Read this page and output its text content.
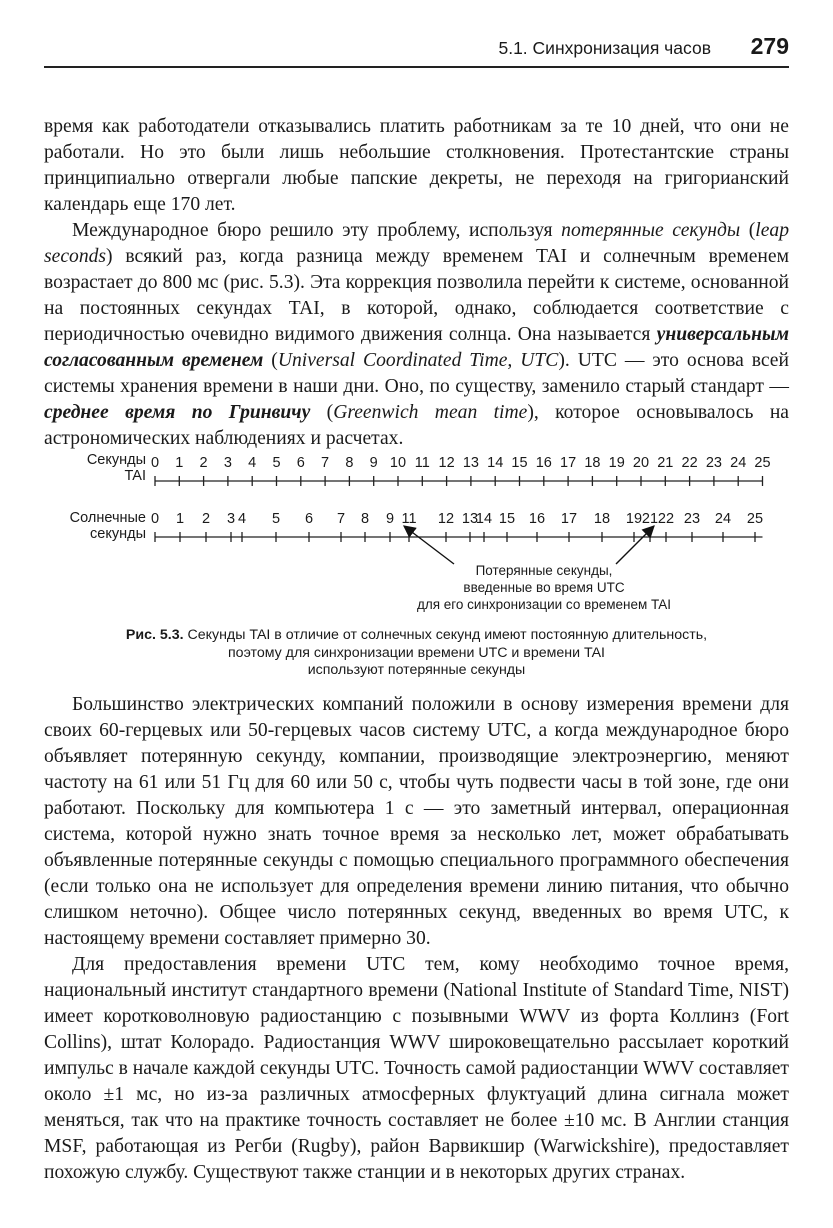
5.1. Синхронизация часов 279

время как работодатели отказывались платить работникам за те 10 дней, что они не работали. Но это были лишь небольшие столкновения. Протестантские страны принципиально отвергали любые папские декреты, не переходя на григорианский календарь еще 170 лет.

Международное бюро решило эту проблему, используя потерянные секунды (leap seconds) всякий раз, когда разница между временем TAI и солнечным временем возрастает до 800 мс (рис. 5.3). Эта коррекция позволила перейти к системе, основанной на постоянных секундах TAI, в которой, однако, соблюдается соответствие с периодичностью очевидно видимого движения солнца. Она называется универсальным согласованным временем (Universal Coordinated Time, UTC). UTC — это основа всей системы хранения времени в наши дни. Оно, по существу, заменило старый стандарт — среднее время по Гринвичу (Greenwich mean time), которое основывалось на астрономических наблюдениях и расчетах.

Секунды
TAI
Солнечные
секунды
0 1 2 3 4 5 6 7 8 9 10 11 12 13 14 15 16 17 18 19 20 21 22 23 24 25
0 1 2 3 4 5 6 7 8 9 11 12 13
14 15 16 17 18 19 21 22 23 24 25
Потерянные секунды,
введенные во время UTC
для его синхронизации со временем TAI
Рис. 5.3. Секунды TAI в отличие от солнечных секунд имеют постоянную длительность,
поэтому для синхронизации времени UTC и времени TAI
используют потерянные секунды

Большинство электрических компаний положили в основу измерения времени для своих 60-герцевых или 50-герцевых часов систему UTC, а когда международное бюро объявляет потерянную секунду, компании, производящие электроэнергию, меняют частоту на 61 или 51 Гц для 60 или 50 с, чтобы чуть подвести часы в той зоне, где они работают. Поскольку для компьютера 1 с — это заметный интервал, операционная система, которой нужно знать точное время за несколько лет, может обрабатывать объявленные потерянные секунды с помощью специального программного обеспечения (если только она не использует для определения времени линию питания, что обычно слишком неточно). Общее число потерянных секунд, введенных во время UTC, к настоящему времени составляет примерно 30.

Для предоставления времени UTC тем, кому необходимо точное время, национальный институт стандартного времени (National Institute of Standard Time, NIST) имеет коротковолновую радиостанцию с позывными WWV из форта Коллинз (Fort Collins), штат Колорадо. Радиостанция WWV широковещательно рассылает короткий импульс в начале каждой секунды UTC. Точность самой радиостанции WWV составляет около ±1 мс, но из-за различных атмосферных флуктуаций длина сигнала может меняться, так что на практике точность составляет не более ±10 мс. В Англии станция MSF, работающая из Регби (Rugby), район Варвикшир (Warwickshire), предоставляет похожую службу. Существуют также станции и в некоторых других странах.
